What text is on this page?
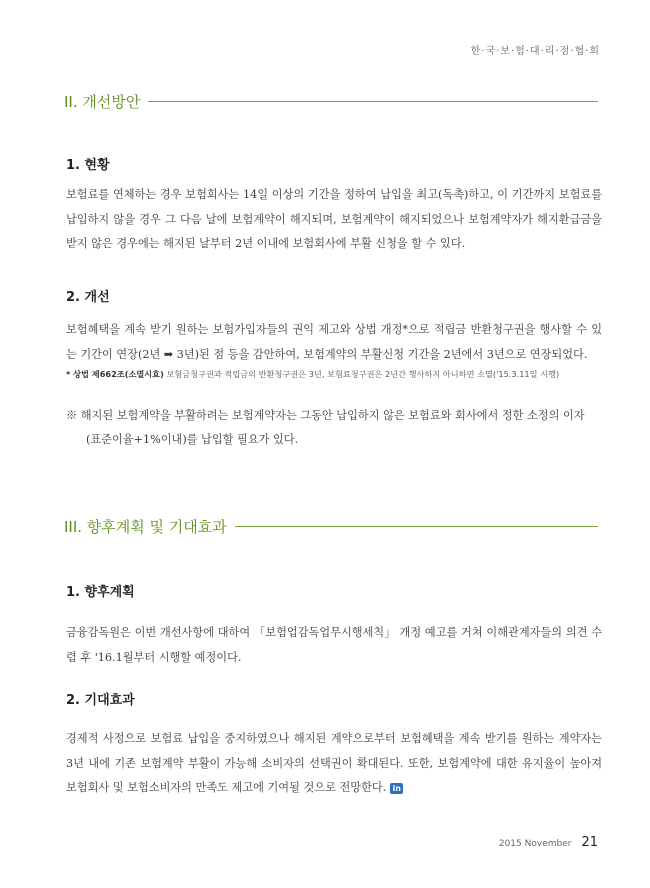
한·국·보·험·대·리·점·협·회
II. 개선방안
1. 현황
보험료를 연체하는 경우 보험회사는 14일 이상의 기간을 정하여 납입을 최고(독촉)하고, 이 기간까지 보험료를 납입하지 않을 경우 그 다음 날에 보험계약이 해지되며, 보험계약이 해지되었으나 보험계약자가 해지환급금을 받지 않은 경우에는 해지된 날부터 2년 이내에 보험회사에 부활 신청을 할 수 있다.
2. 개선
보험혜택을 계속 받기 원하는 보험가입자들의 권익 제고와 상법 개정*으로 적립금 반환청구권을 행사할 수 있는 기간이 연장(2년 ➡ 3년)된 점 등을 감안하여, 보험계약의 부활신청 기간을 2년에서 3년으로 연장되었다.
* 상법 제662조(소멸시효) 보험금청구권과 적립금의 반환청구권은 3년, 보험료청구권은 2년간 행사하지 아니하면 소멸('15.3.11일 시행)
※ 해지된 보험계약을 부활하려는 보험계약자는 그동안 납입하지 않은 보험료와 회사에서 정한 소정의 이자
(표준이율+1%이내)를 납입할 필요가 있다.
III. 향후계획 및 기대효과
1. 향후계획
금융감독원은 이번 개선사항에 대하여 「보험업감독업무시행세칙」 개정 예고를 거쳐 이해관계자들의 의견 수렴 후 '16.1월부터 시행할 예정이다.
2. 기대효과
경제적 사정으로 보험료 납입을 중지하였으나 해지된 계약으로부터 보험혜택을 계속 받기를 원하는 계약자는 3년 내에 기존 보험계약 부활이 가능해 소비자의 선택권이 확대된다. 또한, 보험계약에 대한 유지율이 높아져 보험회사 및 보험소비자의 만족도 제고에 기여될 것으로 전망한다. in
2015 November 21
